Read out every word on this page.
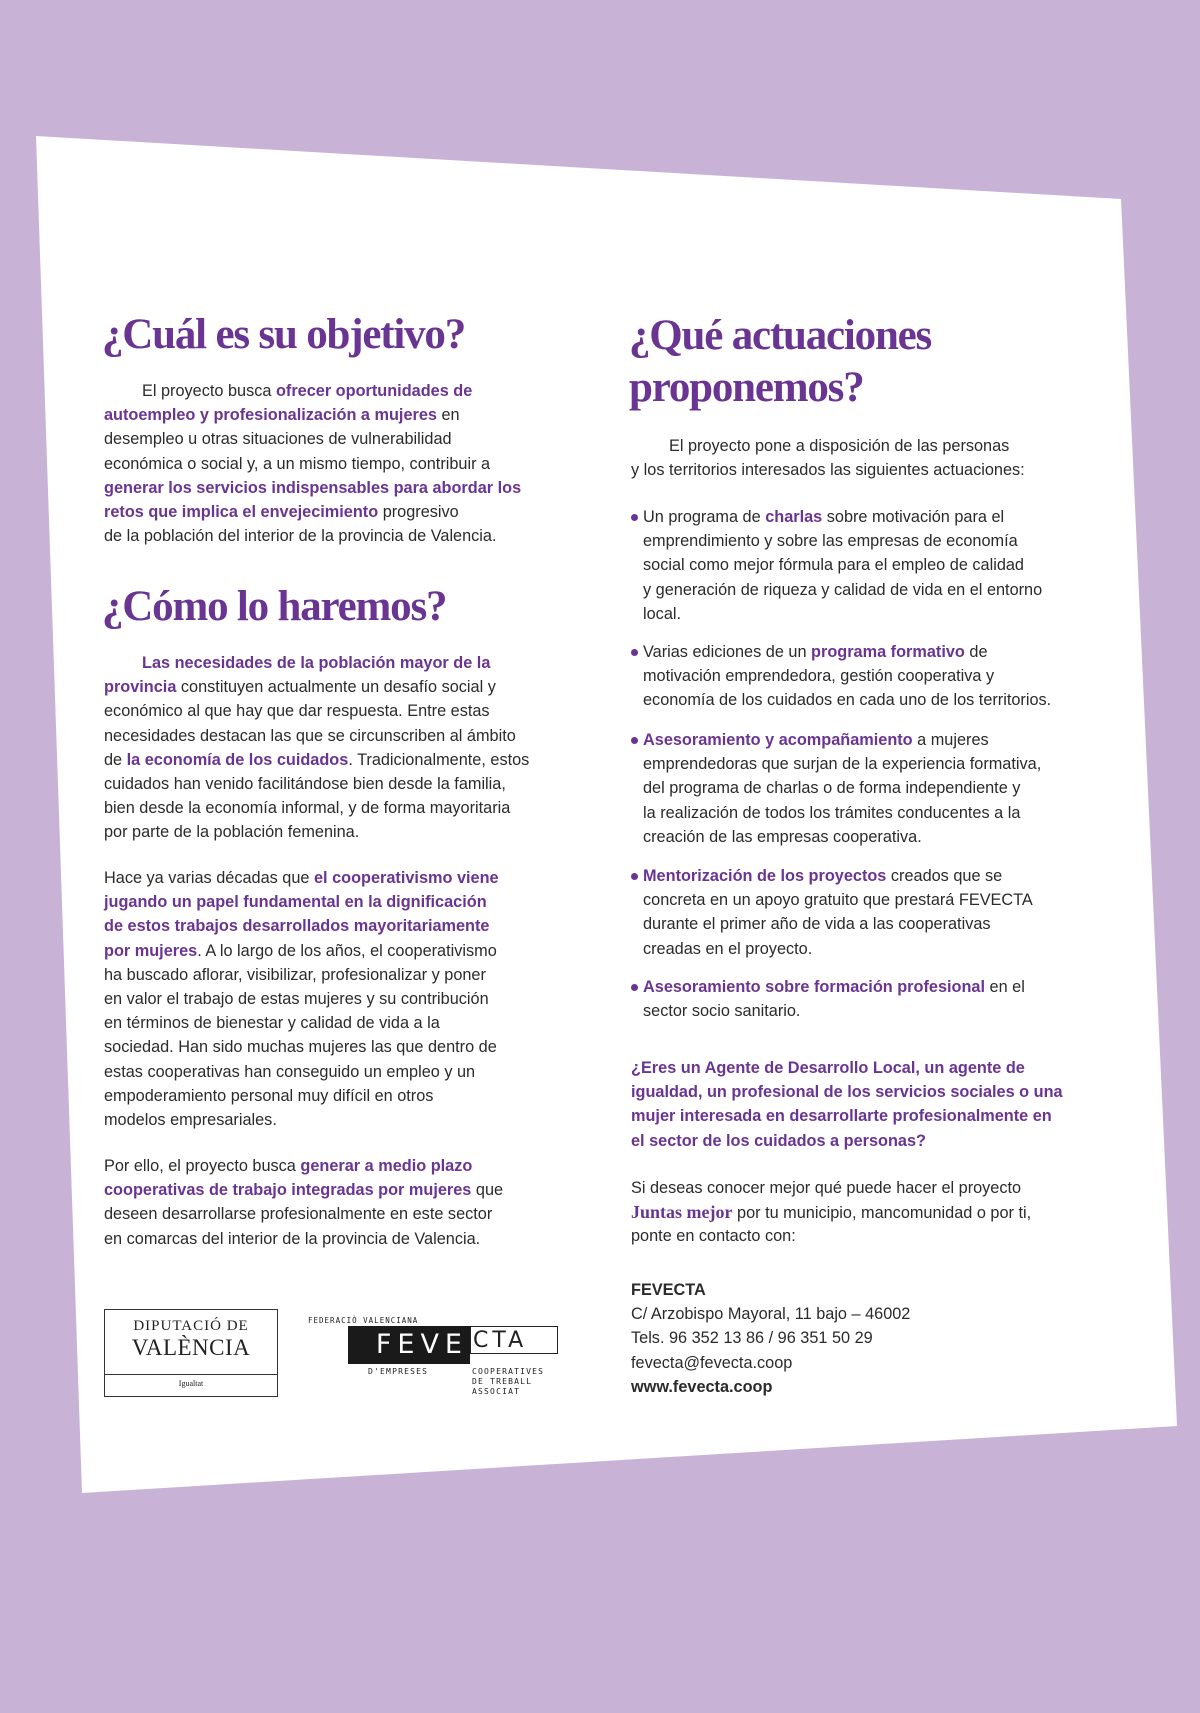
¿Cuál es su objetivo?
El proyecto busca ofrecer oportunidades de
autoempleo y profesionalización a mujeres en
desempleo u otras situaciones de vulnerabilidad
económica o social y, a un mismo tiempo, contribuir a
generar los servicios indispensables para abordar los
retos que implica el envejecimiento progresivo
de la población del interior de la provincia de Valencia.
¿Cómo lo haremos?
Las necesidades de la población mayor de la
provincia constituyen actualmente un desafío social y
económico al que hay que dar respuesta. Entre estas
necesidades destacan las que se circunscriben al ámbito
de la economía de los cuidados. Tradicionalmente, estos
cuidados han venido facilitándose bien desde la familia,
bien desde la economía informal, y de forma mayoritaria
por parte de la población femenina.
Hace ya varias décadas que el cooperativismo viene
jugando un papel fundamental en la dignificación
de estos trabajos desarrollados mayoritariamente
por mujeres. A lo largo de los años, el cooperativismo
ha buscado aflorar, visibilizar, profesionalizar y poner
en valor el trabajo de estas mujeres y su contribución
en términos de bienestar y calidad de vida a la
sociedad. Han sido muchas mujeres las que dentro de
estas cooperativas han conseguido un empleo y un
empoderamiento personal muy difícil en otros
modelos empresariales.
Por ello, el proyecto busca generar a medio plazo
cooperativas de trabajo integradas por mujeres que
deseen desarrollarse profesionalmente en este sector
en comarcas del interior de la provincia de Valencia.
¿Qué actuaciones
proponemos?
El proyecto pone a disposición de las personas
y los territorios interesados las siguientes actuaciones:
Un programa de charlas sobre motivación para el
emprendimiento y sobre las empresas de economía
social como mejor fórmula para el empleo de calidad
y generación de riqueza y calidad de vida en el entorno
local.
Varias ediciones de un programa formativo de
motivación emprendedora, gestión cooperativa y
economía de los cuidados en cada uno de los territorios.
Asesoramiento y acompañamiento a mujeres
emprendedoras que surjan de la experiencia formativa,
del programa de charlas o de forma independiente y
la realización de todos los trámites conducentes a la
creación de las empresas cooperativa.
Mentorización de los proyectos creados que se
concreta en un apoyo gratuito que prestará FEVECTA
durante el primer año de vida a las cooperativas
creadas en el proyecto.
Asesoramiento sobre formación profesional en el
sector socio sanitario.
¿Eres un Agente de Desarrollo Local, un agente de
igualdad, un profesional de los servicios sociales o una
mujer interesada en desarrollarte profesionalmente en
el sector de los cuidados a personas?
Si deseas conocer mejor qué puede hacer el proyecto
Juntas mejor por tu municipio, mancomunidad o por ti,
ponte en contacto con:
FEVECTA
C/ Arzobispo Mayoral, 11 bajo – 46002
Tels. 96 352 13 86 / 96 351 50 29
fevecta@fevecta.coop
www.fevecta.coop
DIPUTACIÓ DE
VALÈNCIA
Igualtat
FEDERACIÓ VALENCIANA
FEVE CTA
D'EMPRESES	COOPERATIVES
DE TREBALL
ASSOCIAT
